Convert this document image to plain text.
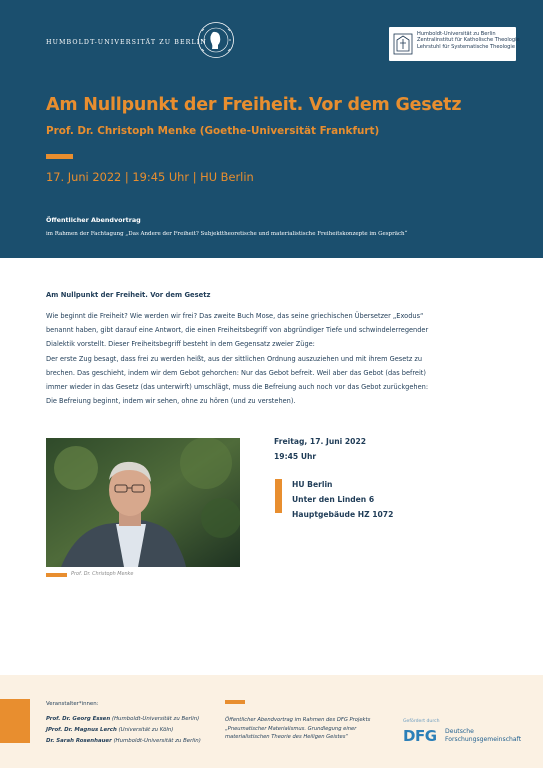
HUMBOLDT-UNIVERSITÄT ZU BERLIN
Humboldt-Universität zu Berlin
Zentralinstitut für Katholische Theologie
Lehrstuhl für Systematische Theologie
Am Nullpunkt der Freiheit. Vor dem Gesetz
Prof. Dr. Christoph Menke (Goethe-Universität Frankfurt)
17. Juni 2022 | 19:45 Uhr | HU Berlin
Öffentlicher Abendvortrag
im Rahmen der Fachtagung „Das Andere der Freiheit? Subjekttheoretische und materialistische Freiheitskonzepte im Gespräch“
Am Nullpunkt der Freiheit. Vor dem Gesetz

Wie beginnt die Freiheit? Wie werden wir frei? Das zweite Buch Mose, das seine griechischen Übersetzer „Exodus“

benannt haben, gibt darauf eine Antwort, die einen Freiheitsbegriff von abgründiger Tiefe und schwindelerregender

Dialektik vorstellt. Dieser Freiheitsbegriff besteht in dem Gegensatz zweier Züge:

Der erste Zug besagt, dass frei zu werden heißt, aus der sittlichen Ordnung auszuziehen und mit ihrem Gesetz zu

brechen. Das geschieht, indem wir dem Gebot gehorchen: Nur das Gebot befreit. Weil aber das Gebot (das befreit)

immer wieder in das Gesetz (das unterwirft) umschlägt, muss die Befreiung auch noch vor das Gebot zurückgehen:

Die Befreiung beginnt, indem wir sehen, ohne zu hören (und zu verstehen).

Prof. Dr. Christoph Menke
Freitag, 17. Juni 2022
19:45 Uhr
HU Berlin
Unter den Linden 6
Hauptgebäude HZ 1072
Veranstalter*innen:
Prof. Dr. Georg Essen (Humboldt-Universität zu Berlin)
JProf. Dr. Magnus Lerch (Universität zu Köln)
Dr. Sarah Rosenhauer (Humboldt-Universität zu Berlin)
Öffentlicher Abendvortrag im Rahmen des DFG Projekts
„Pneumatischer Materialismus. Grundlegung einer
materialistischen Theorie des Heiligen Geistes“
Gefördert durch
DFG Deutsche
Forschungsgemeinschaft
